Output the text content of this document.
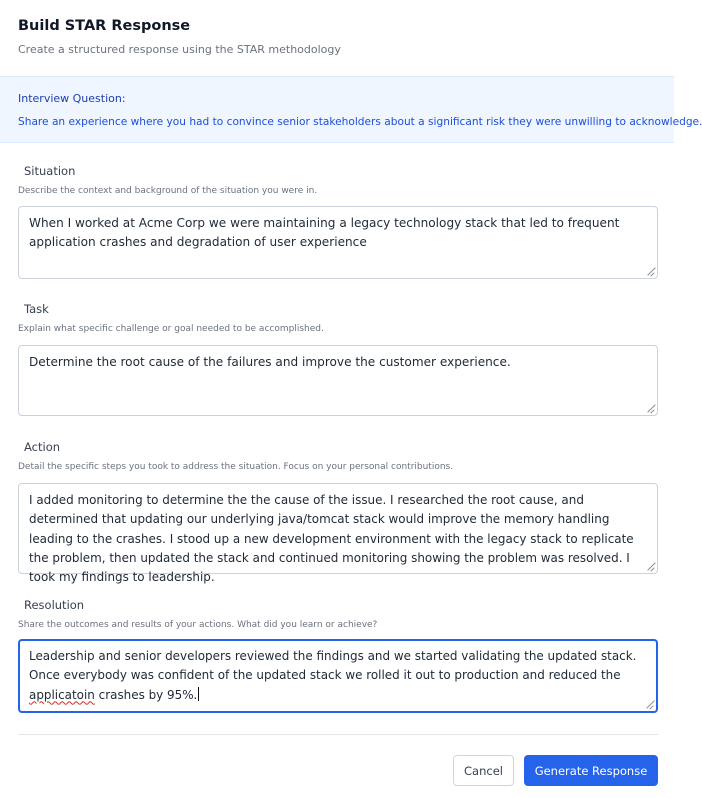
Build STAR Response
Create a structured response using the STAR methodology
Interview Question:
Share an experience where you had to convince senior stakeholders about a significant risk they were unwilling to acknowledge.
Situation
Describe the context and background of the situation you were in.
When I worked at Acme Corp we were maintaining a legacy technology stack that led to frequent application crashes and degradation of user experience
Task
Explain what specific challenge or goal needed to be accomplished.
Determine the root cause of the failures and improve the customer experience.
Action
Detail the specific steps you took to address the situation. Focus on your personal contributions.
I added monitoring to determine the the cause of the issue. I researched the root cause, and determined that updating our underlying java/tomcat stack would improve the memory handling leading to the crashes. I stood up a new development environment with the legacy stack to replicate the problem, then updated the stack and continued monitoring showing the problem was resolved. I took my findings to leadership.
Resolution
Share the outcomes and results of your actions. What did you learn or achieve?
Leadership and senior developers reviewed the findings and we started validating the updated stack. Once everybody was confident of the updated stack we rolled it out to production and reduced the applicatoin crashes by 95%.
Cancel	Generate Response
